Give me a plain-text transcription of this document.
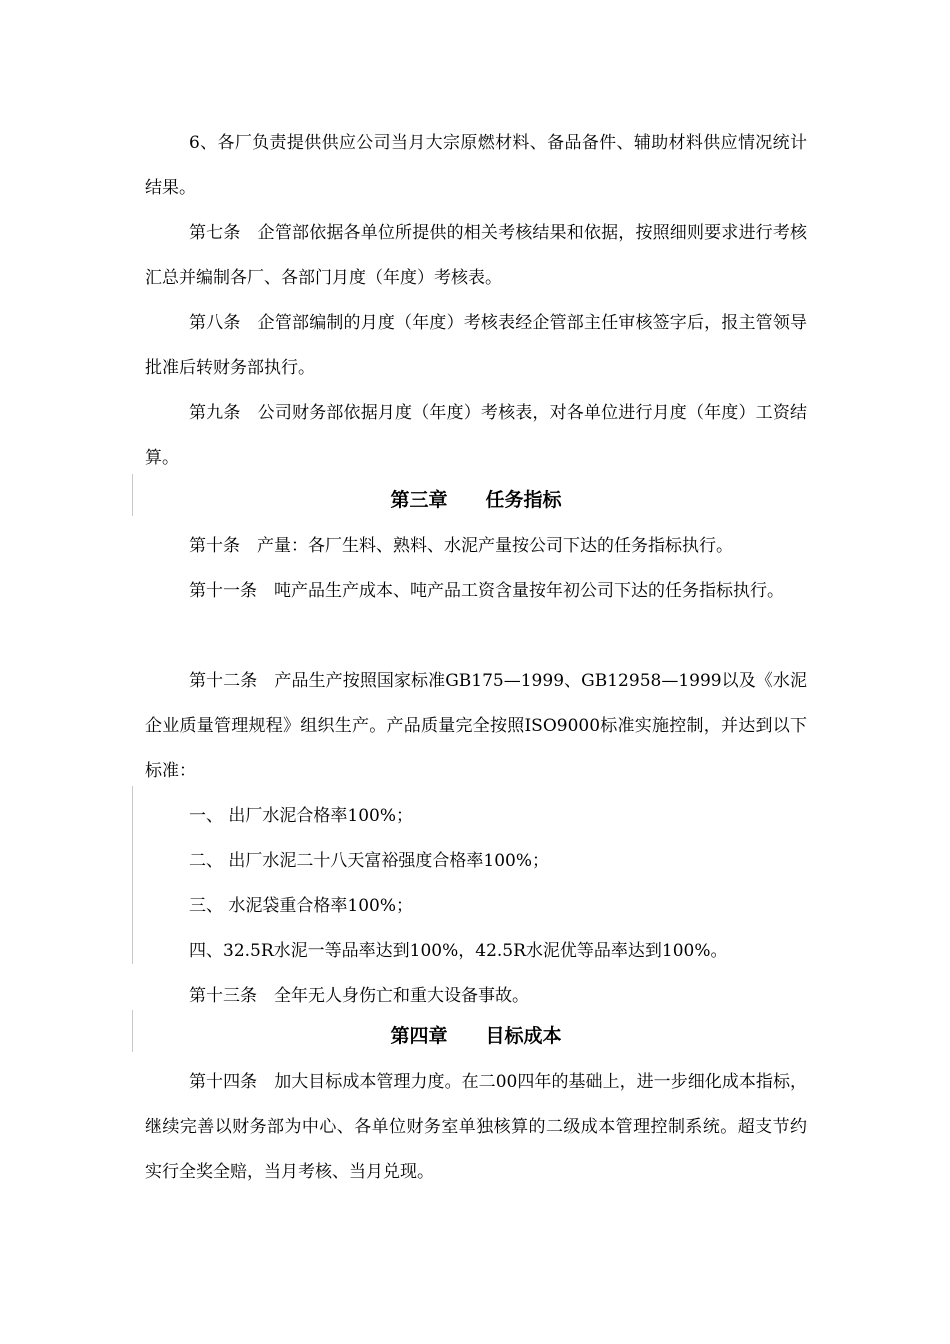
6、各厂负责提供供应公司当月大宗原燃材料、备品备件、辅助材料供应情况统计结果。

第七条　企管部依据各单位所提供的相关考核结果和依据，按照细则要求进行考核汇总并编制各厂、各部门月度（年度）考核表。

第八条　企管部编制的月度（年度）考核表经企管部主任审核签字后，报主管领导批准后转财务部执行。

第九条　公司财务部依据月度（年度）考核表，对各单位进行月度（年度）工资结算。

第三章　　任务指标

第十条　产量：各厂生料、熟料、水泥产量按公司下达的任务指标执行。

第十一条　吨产品生产成本、吨产品工资含量按年初公司下达的任务指标执行。

第十二条　产品生产按照国家标准GB175—1999、GB12958—1999以及《水泥企业质量管理规程》组织生产。产品质量完全按照ISO9000标准实施控制，并达到以下标准：

一、 出厂水泥合格率100%；

二、 出厂水泥二十八天富裕强度合格率100%；

三、 水泥袋重合格率100%；

四、32.5R水泥一等品率达到100%，42.5R水泥优等品率达到100%。

第十三条　全年无人身伤亡和重大设备事故。

第四章　　目标成本

第十四条　加大目标成本管理力度。在二00四年的基础上，进一步细化成本指标，继续完善以财务部为中心、各单位财务室单独核算的二级成本管理控制系统。超支节约实行全奖全赔，当月考核、当月兑现。
